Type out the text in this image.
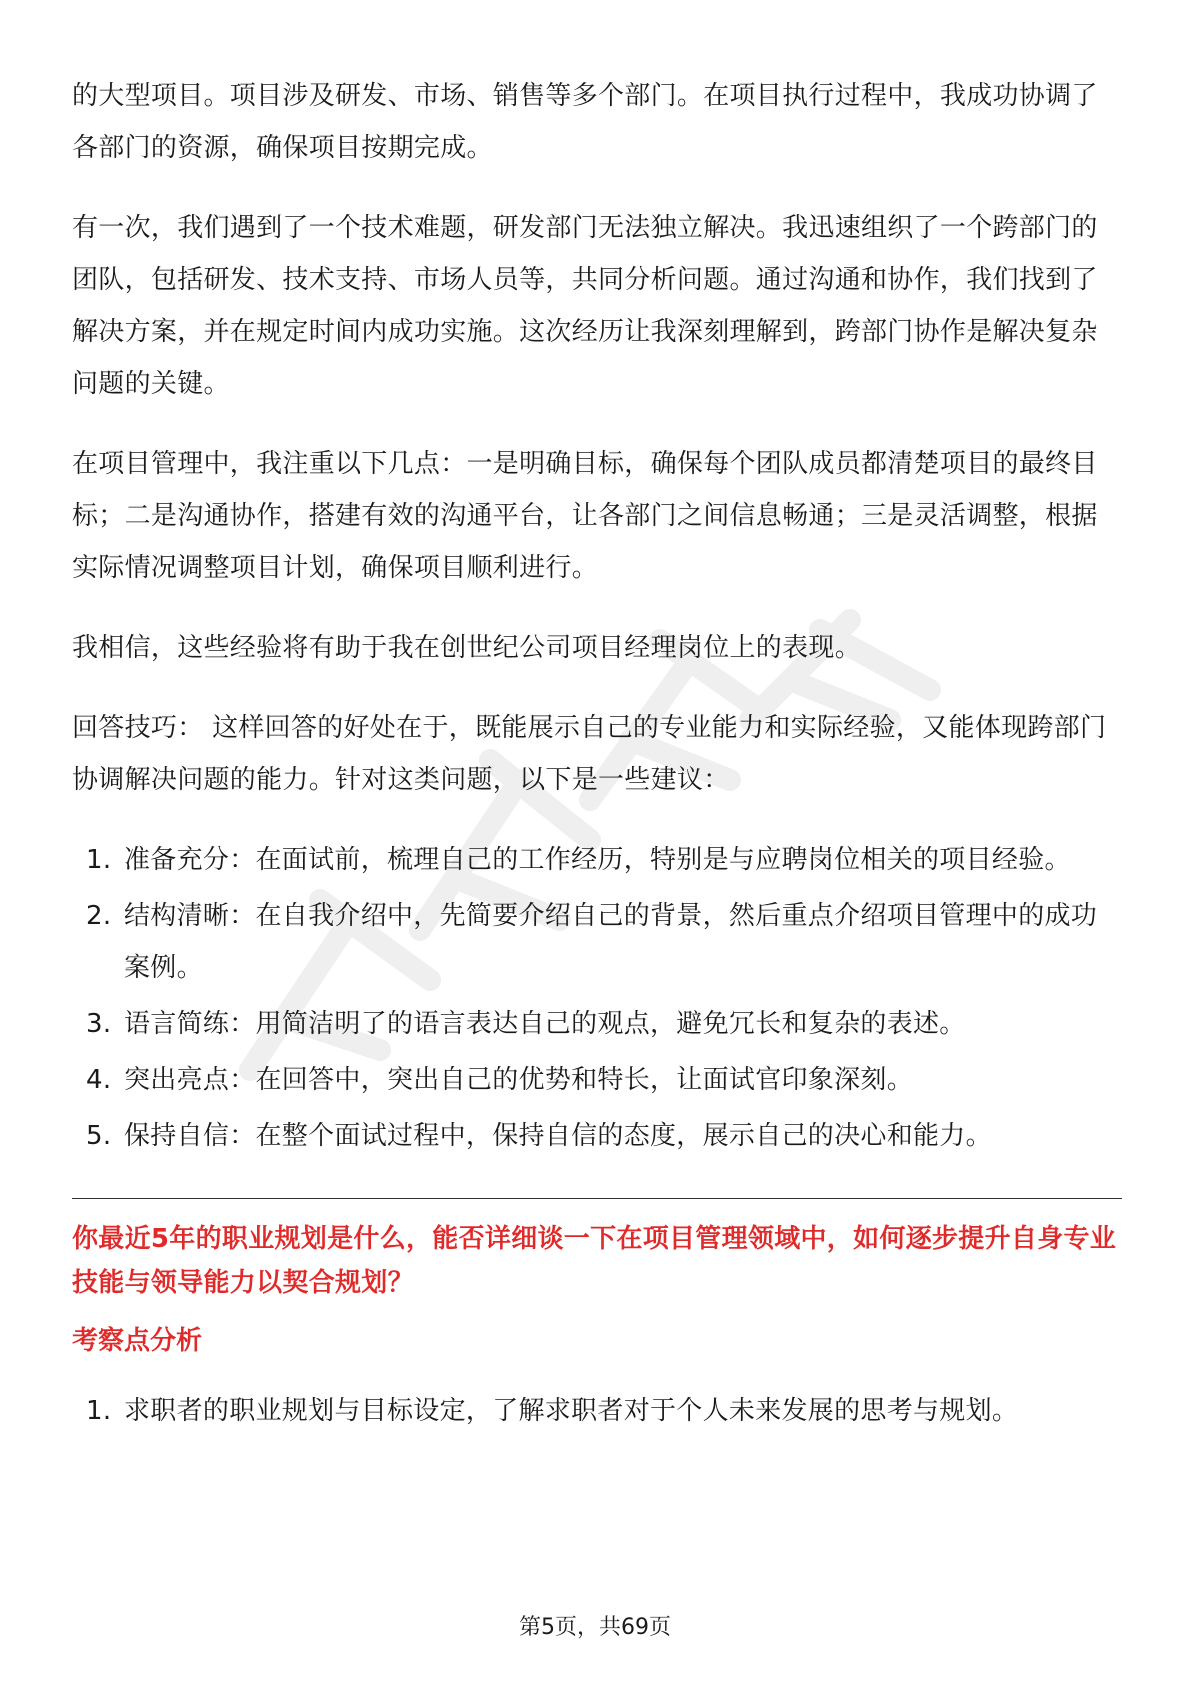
的大型项目。项目涉及研发、市场、销售等多个部门。在项目执行过程中，我成功协调了各部门的资源，确保项目按期完成。

有一次，我们遇到了一个技术难题，研发部门无法独立解决。我迅速组织了一个跨部门的团队，包括研发、技术支持、市场人员等，共同分析问题。通过沟通和协作，我们找到了解决方案，并在规定时间内成功实施。这次经历让我深刻理解到，跨部门协作是解决复杂问题的关键。

在项目管理中，我注重以下几点：一是明确目标，确保每个团队成员都清楚项目的最终目标；二是沟通协作，搭建有效的沟通平台，让各部门之间信息畅通；三是灵活调整，根据实际情况调整项目计划，确保项目顺利进行。

我相信，这些经验将有助于我在创世纪公司项目经理岗位上的表现。

回答技巧： 这样回答的好处在于，既能展示自己的专业能力和实际经验，又能体现跨部门协调解决问题的能力。针对这类问题，以下是一些建议：

1. 准备充分：在面试前，梳理自己的工作经历，特别是与应聘岗位相关的项目经验。
2. 结构清晰：在自我介绍中，先简要介绍自己的背景，然后重点介绍项目管理中的成功案例。
3. 语言简练：用简洁明了的语言表达自己的观点，避免冗长和复杂的表述。
4. 突出亮点：在回答中，突出自己的优势和特长，让面试官印象深刻。
5. 保持自信：在整个面试过程中，保持自信的态度，展示自己的决心和能力。
你最近5年的职业规划是什么，能否详细谈一下在项目管理领域中，如何逐步提升自身专业技能与领导能力以契合规划？
考察点分析
1. 求职者的职业规划与目标设定，了解求职者对于个人未来发展的思考与规划。
第5页，共69页
